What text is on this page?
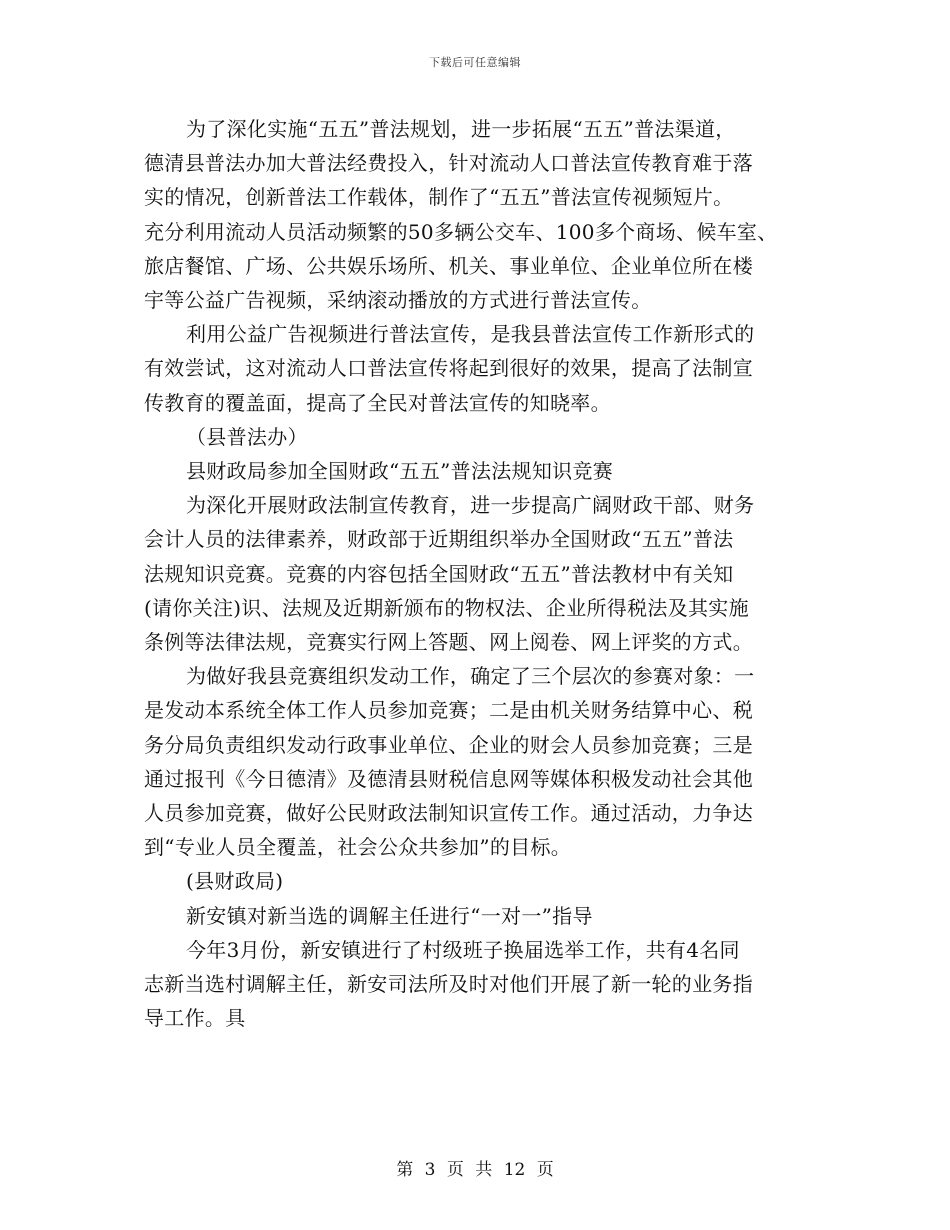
下载后可任意编辑

为了深化实施“五五”普法规划，进一步拓展“五五”普法渠道，
德清县普法办加大普法经费投入，针对流动人口普法宣传教育难于落
实的情况，创新普法工作载体，制作了“五五”普法宣传视频短片。
充分利用流动人员活动频繁的50多辆公交车、100多个商场、候车室、
旅店餐馆、广场、公共娱乐场所、机关、事业单位、企业单位所在楼
宇等公益广告视频，采纳滚动播放的方式进行普法宣传。

利用公益广告视频进行普法宣传，是我县普法宣传工作新形式的
有效尝试，这对流动人口普法宣传将起到很好的效果，提高了法制宣
传教育的覆盖面，提高了全民对普法宣传的知晓率。

（县普法办）

县财政局参加全国财政“五五”普法法规知识竞赛

为深化开展财政法制宣传教育，进一步提高广阔财政干部、财务
会计人员的法律素养，财政部于近期组织举办全国财政“五五”普法
法规知识竞赛。竞赛的内容包括全国财政“五五”普法教材中有关知
(请你关注)识、法规及近期新颁布的物权法、企业所得税法及其实施
条例等法律法规，竞赛实行网上答题、网上阅卷、网上评奖的方式。

为做好我县竞赛组织发动工作，确定了三个层次的参赛对象：一
是发动本系统全体工作人员参加竞赛；二是由机关财务结算中心、税
务分局负责组织发动行政事业单位、企业的财会人员参加竞赛；三是
通过报刊《今日德清》及德清县财税信息网等媒体积极发动社会其他
人员参加竞赛，做好公民财政法制知识宣传工作。通过活动，力争达
到“专业人员全覆盖，社会公众共参加”的目标。

(县财政局)

新安镇对新当选的调解主任进行“一对一”指导

今年3月份，新安镇进行了村级班子换届选举工作，共有4名同
志新当选村调解主任，新安司法所及时对他们开展了新一轮的业务指
导工作。具

第 3 页 共 12 页
